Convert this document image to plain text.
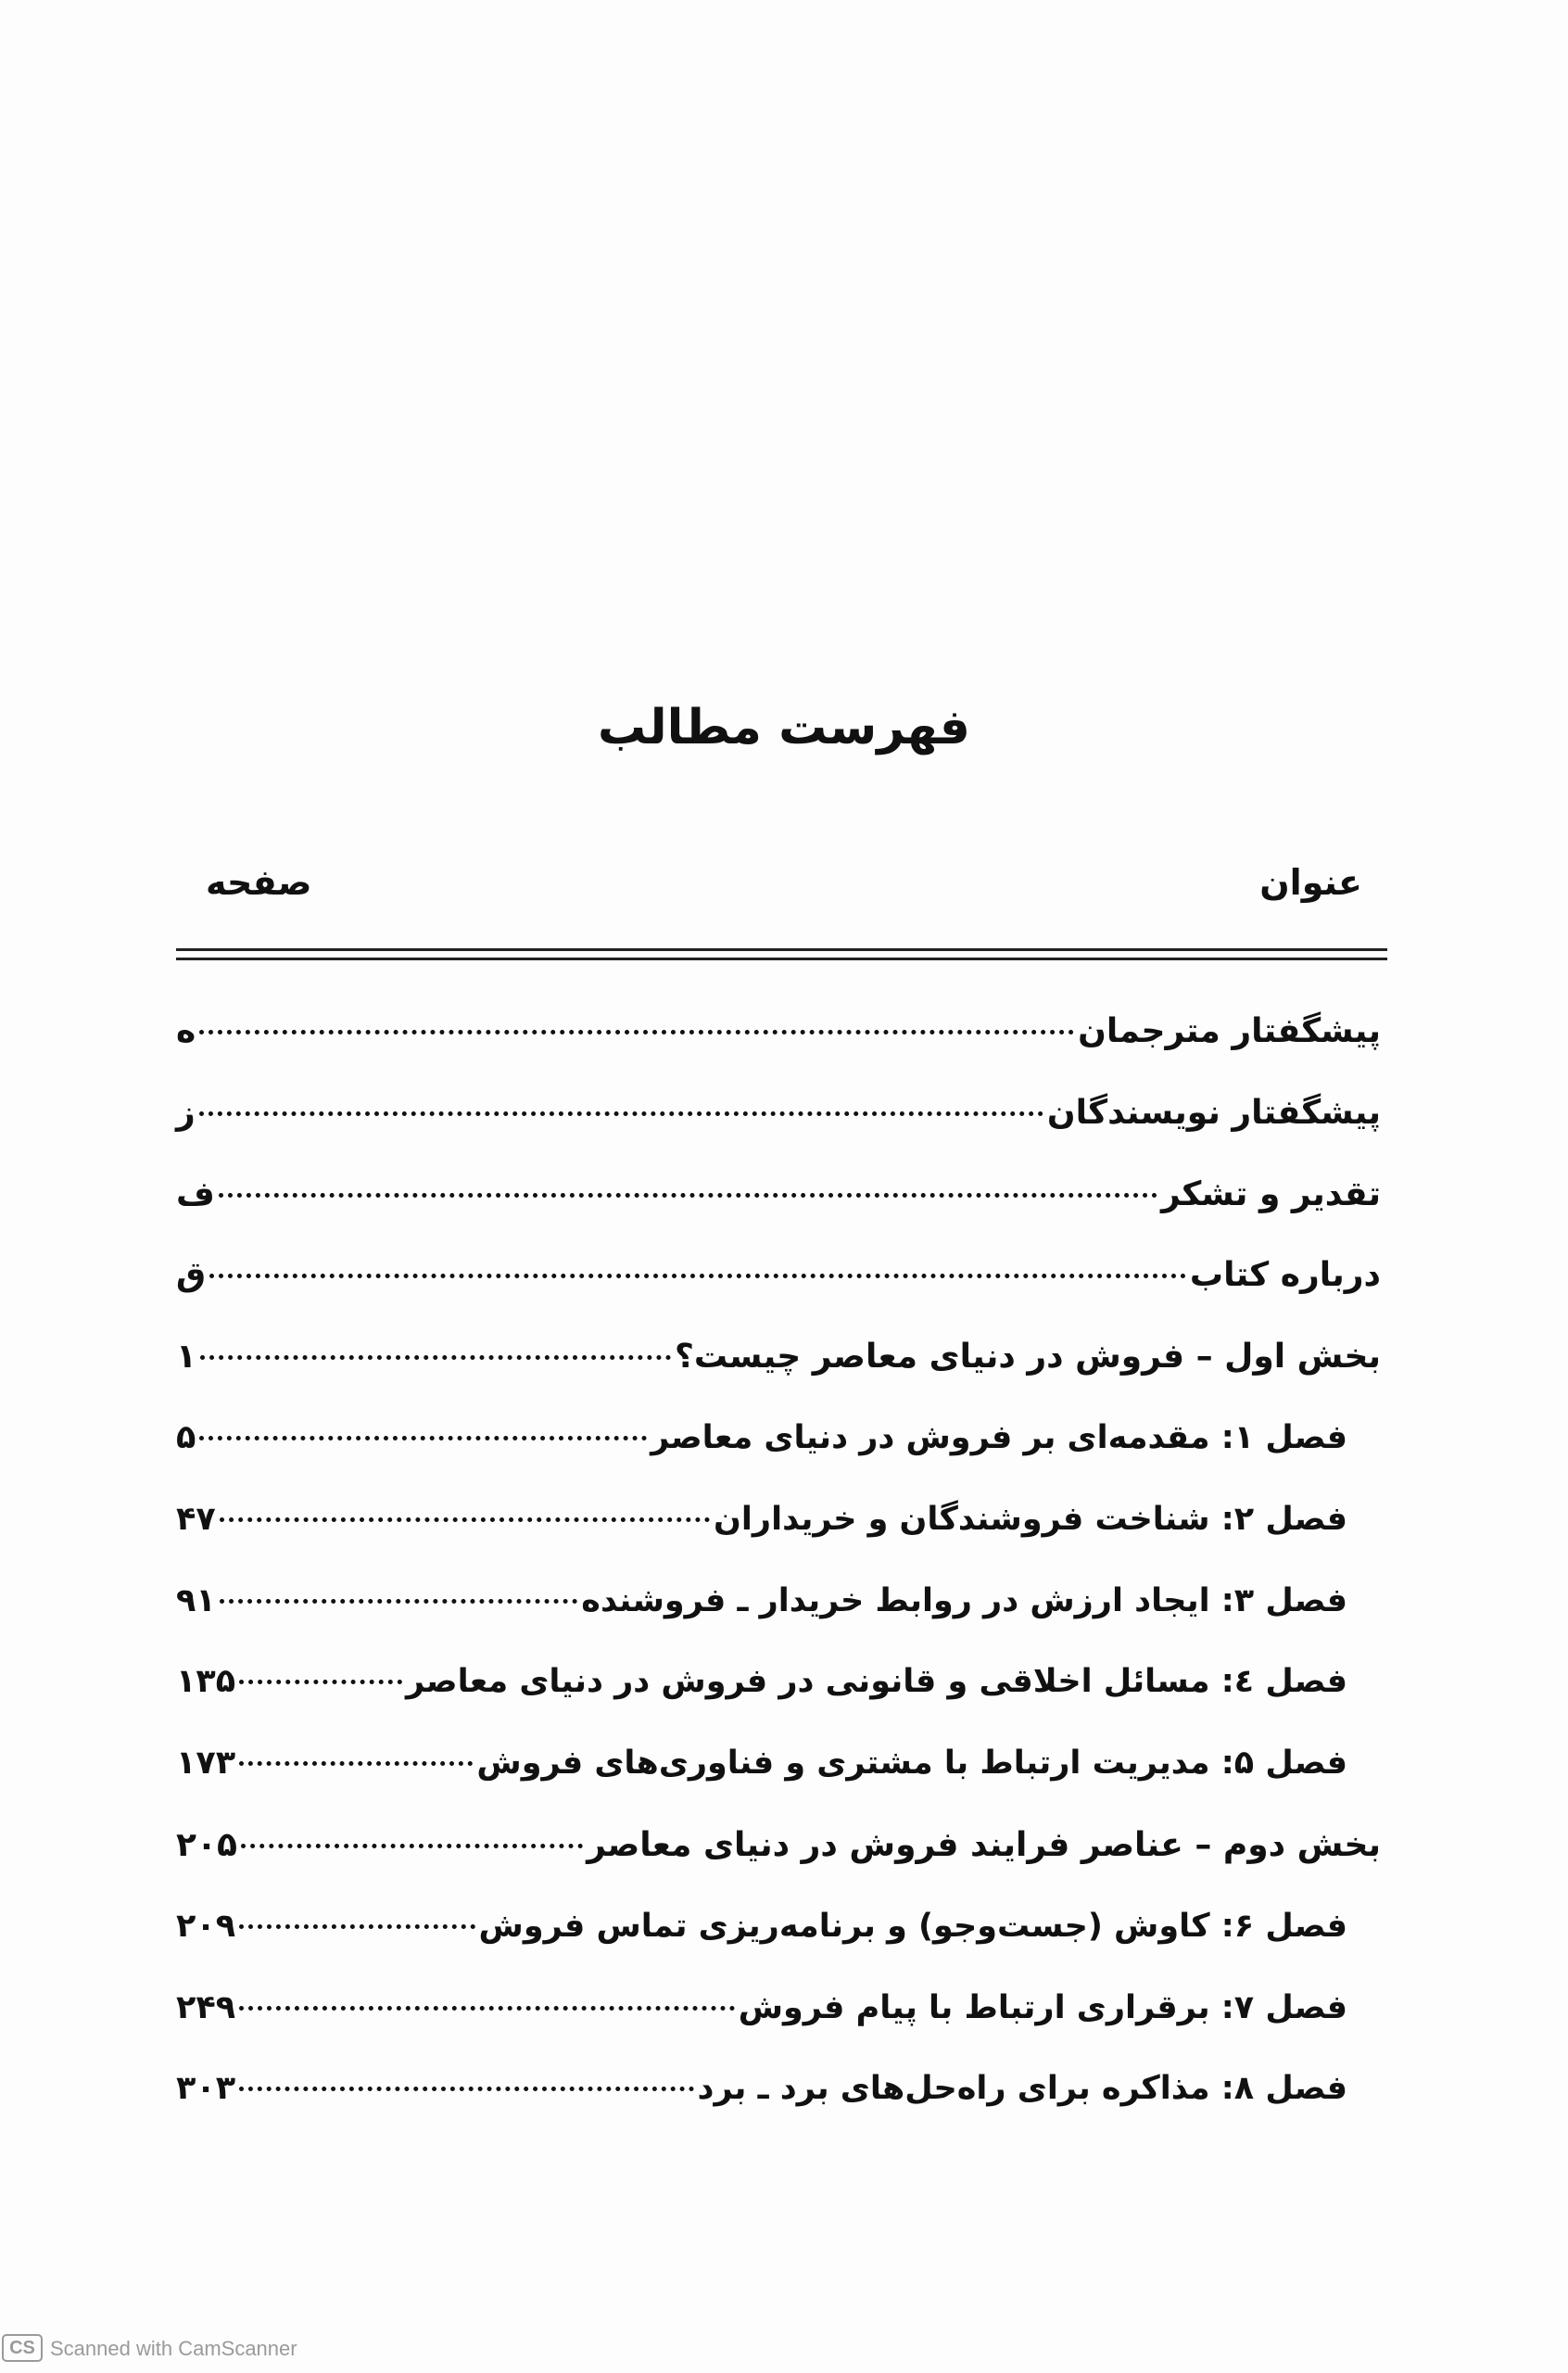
فهرست مطالب
عنوان
صفحه
پیشگفتار مترجمان
ه
پیشگفتار نویسندگان
ز
تقدیر و تشکر
ف
درباره کتاب
ق
بخش اول – فروش در دنیای معاصر چیست؟
۱
فصل ۱: مقدمه‌ای بر فروش در دنیای معاصر
۵
فصل ۲: شناخت فروشندگان و خریداران
۴۷
فصل ۳: ایجاد ارزش در روابط خریدار ـ فروشنده
۹۱
فصل ٤: مسائل اخلاقی و قانونی در فروش در دنیای معاصر
۱۳۵
فصل ۵: مدیریت ارتباط با مشتری و فناوری‌های فروش
۱۷۳
بخش دوم – عناصر فرایند فروش در دنیای معاصر
۲۰۵
فصل ۶: کاوش (جست‌وجو) و برنامه‌ریزی تماس فروش
۲۰۹
فصل ۷: برقراری ارتباط با پیام فروش
۲۴۹
فصل ۸: مذاکره برای راه‌حل‌های برد ـ برد
۳۰۳
CS Scanned with CamScanner
